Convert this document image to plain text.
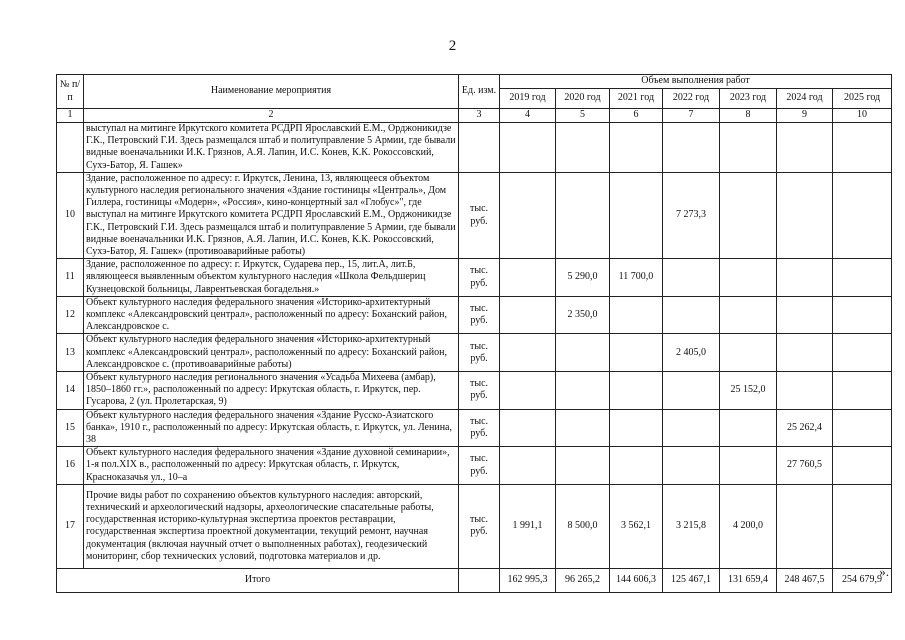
2
№ п/п	Наименование мероприятия	Ед. изм.	Объем выполнения работ						
			2019 год	2020 год	2021 год	2022 год	2023 год	2024 год	2025 год
1	2	3	4	5	6	7	8	9	10
	выступал на митинге Иркутского комитета РСДРП Ярославский Е.М., Орджоникидзе Г.К., Петровский Г.И. Здесь размещался штаб и политуправление 5 Армии, где бывали видные военачальники И.К. Грязнов, А.Я. Лапин, И.С. Конев, К.К. Рокоссовский, Сухэ-Батор, Я. Гашек»								
10	Здание, расположенное по адресу: г. Иркутск, Ленина, 13, являющееся объектом культурного наследия регионального значения «Здание гостиницы «Централь», Дом Гиллера, гостиницы «Модерн», «Россия», кино-концертный зал «Глобус»", где выступал на митинге Иркутского комитета РСДРП Ярославский Е.М., Орджоникидзе Г.К., Петровский Г.И. Здесь размещался штаб и политуправление 5 Армии, где бывали видные военачальники И.К. Грязнов, А.Я. Лапин, И.С. Конев, К.К. Рокоссовский, Сухэ-Батор, Я. Гашек» (противоаварийные работы)	тыс. руб.				7 273,3			
11	Здание, расположенное по адресу: г. Иркутск, Сударева пер., 15, лит.А, лит.Б, являющееся выявленным объектом культурного наследия «Школа Фельдшериц Кузнецовской больницы, Лаврентьевская богадельня.»	тыс. руб.		5 290,0	11 700,0				
12	Объект культурного наследия федерального значения «Историко-архитектурный комплекс «Александровский централ», расположенный по адресу: Боханский район, Александровское с.	тыс. руб.		2 350,0					
13	Объект культурного наследия федерального значения «Историко-архитектурный комплекс «Александровский централ», расположенный по адресу: Боханский район, Александровское с. (противоаварийные работы)	тыс. руб.				2 405,0			
14	Объект культурного наследия регионального значения «Усадьба Михеева (амбар), 1850–1860 гг.», расположенный по адресу: Иркутская область, г. Иркутск, пер. Гусарова, 2 (ул. Пролетарская, 9)	тыс. руб.					25 152,0		
15	Объект культурного наследия федерального значения «Здание Русско-Азиатского банка», 1910 г., расположенный по адресу: Иркутская область, г. Иркутск, ул. Ленина, 38	тыс. руб.						25 262,4	
16	Объект культурного наследия федерального значения «Здание духовной семинарии», 1-я пол.XIX в., расположенный по адресу: Иркутская область, г. Иркутск, Красноказачья ул., 10–а	тыс. руб.						27 760,5	
17	Прочие виды работ по сохранению объектов культурного наследия: авторский, технический и археологический надзоры, археологические спасательные работы, государственная историко-культурная экспертиза проектов реставрации, государственная экспертиза проектной документации, текущий ремонт, научная документация (включая научный отчет о выполненных работах), геодезический мониторинг, сбор технических условий, подготовка материалов и др.	тыс. руб.	1 991,1	8 500,0	3 562,1	3 215,8	4 200,0		
Итого			162 995,3	96 265,2	144 606,3	125 467,1	131 659,4	248 467,5	254 679,9
».
